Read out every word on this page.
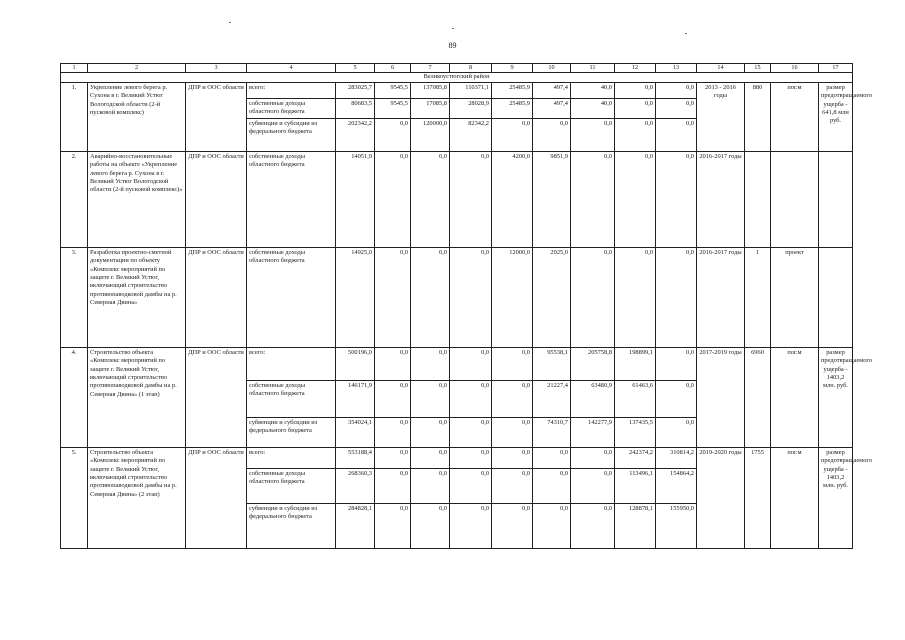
89
1	2	3	4	5	6	7	8	9	10	11	12	13	14	15	16	17
Великоустюгский район																
1.	Укрепление левого берега р. Сухона в г. Великий Устюг Вологодской области (2-й пусковой комплекс)	ДПР и ООС области	всего:	283025,7	9545,5	137085,8	110371,1	25485,9	497,4	40,0	0,0	0,0	2013 - 2016 годы	880	пог.м	размер предотвращаемого ущерба - 641,8 млн руб.
			собственные доходы областного бюджета	80683,5	9545,5	17085,8	28028,9	25485,9	497,4	40,0	0,0	0,0				
			субвенции и субсидии из федерального бюджета	202342,2	0,0	120000,0	82342,2	0,0	0,0	0,0	0,0	0,0				
2.	Аварийно-восстановительные работы на объекте «Укрепление левого берега р. Сухона в г. Великий Устюг Вологодской области (2-й пусковой комплекс)»	ДПР и ООС области	собственные доходы областного бюджета	14051,9	0,0	0,0	0,0	4200,0	9851,9	0,0	0,0	0,0	2016-2017 годы			
3.	Разработка проектно-сметной документации по объекту «Комплекс мероприятий по защите г. Великий Устюг, включающий строительство противопаводковой дамбы на р. Северная Двина»	ДПР и ООС области	собственные доходы областного бюджета	14925,0	0,0	0,0	0,0	12000,0	2925,0	0,0	0,0	0,0	2016-2017 годы	1	проект	
4.	Строительство объекта «Комплекс мероприятий по защите г. Великий Устюг, включающий строительство противопаводковой дамбы на р. Северная Двина» (1 этап)	ДПР и ООС области	всего:	500196,0	0,0	0,0	0,0	0,0	95538,1	205758,8	198899,1	0,0	2017-2019 годы	6960	пог.м	размер предотвращаемого ущерба - 1403,2 млн. руб.
			собственные доходы областного бюджета	146171,9	0,0	0,0	0,0	0,0	21227,4	63480,9	61463,6	0,0				
			субвенции и субсидии из федерального бюджета	354024,1	0,0	0,0	0,0	0,0	74310,7	142277,9	137435,5	0,0				
5.	Строительство объекта «Комплекс мероприятий по защите г. Великий Устюг, включающий строительство противопаводковой дамбы на р. Северная Двина» (2 этап)	ДПР и ООС области	всего:	553188,4	0,0	0,0	0,0	0,0	0,0	0,0	242374,2	310814,2	2019-2020 годы	1755	пог.м	размер предотвращаемого ущерба - 1403,2 млн. руб.
			собственные доходы областного бюджета	268360,3	0,0	0,0	0,0	0,0	0,0	0,0	113496,1	154864,2				
			субвенции и субсидии из федерального бюджета	284828,1	0,0	0,0	0,0	0,0	0,0	0,0	128878,1	155950,0				
